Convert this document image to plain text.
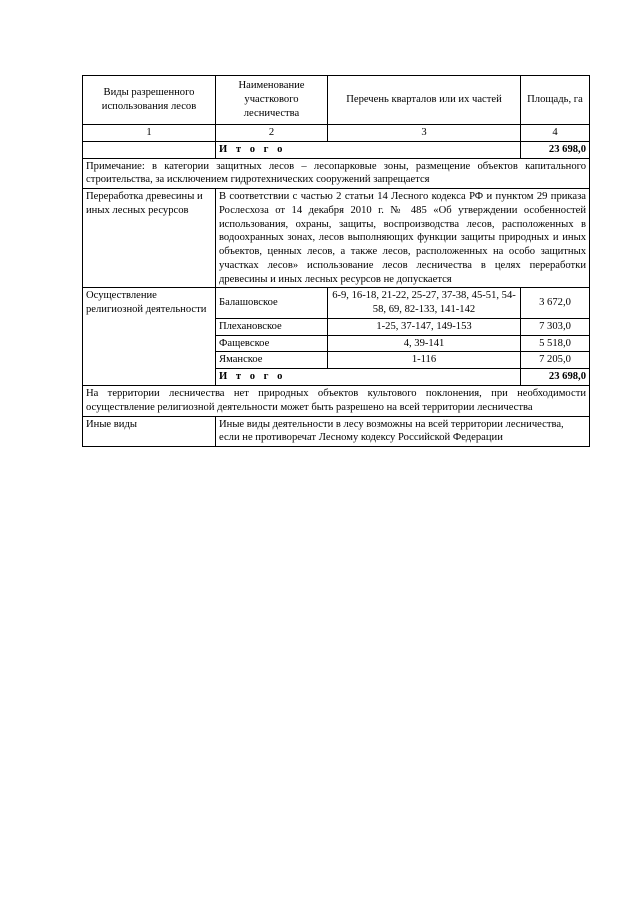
Виды разрешенного использования лесов	Наименование участкового лесничества	Перечень кварталов или их частей	Площадь, га
1	2	3	4
	И т о г о		23 698,0
Примечание: в категории защитных лесов – лесопарковые зоны, размещение объектов капитального строительства, за исключением гидротехнических сооружений запрещается			
Переработка древесины и иных лесных ресурсов	В соответствии с частью 2 статьи 14 Лесного кодекса РФ и пунктом 29 приказа Рослесхоза от 14 декабря 2010 г. № 485 «Об утверждении особенностей использования, охраны, защиты, воспроизводства лесов, расположенных в водоохранных зонах, лесов выполняющих функции защиты природных и иных объектов, ценных лесов, а также лесов, расположенных на особо защитных участках лесов» использование лесов лесничества в целях переработки древесины и иных лесных ресурсов не допускается		
Осуществление религиозной деятельности	Балашовское	6-9, 16-18, 21-22, 25-27, 37-38, 45-51, 54-58, 69, 82-133, 141-142	3 672,0
	Плехановское	1-25, 37-147, 149-153	7 303,0
	Фащевское	4, 39-141	5 518,0
	Яманское	1-116	7 205,0
	И т о г о		23 698,0
На территории лесничества нет природных объектов культового поклонения, при необходимости осуществление религиозной деятельности может быть разрешено на всей территории лесничества			
Иные виды	Иные виды деятельности в лесу возможны на всей территории лесничества, если не противоречат Лесному кодексу Российской Федерации		
